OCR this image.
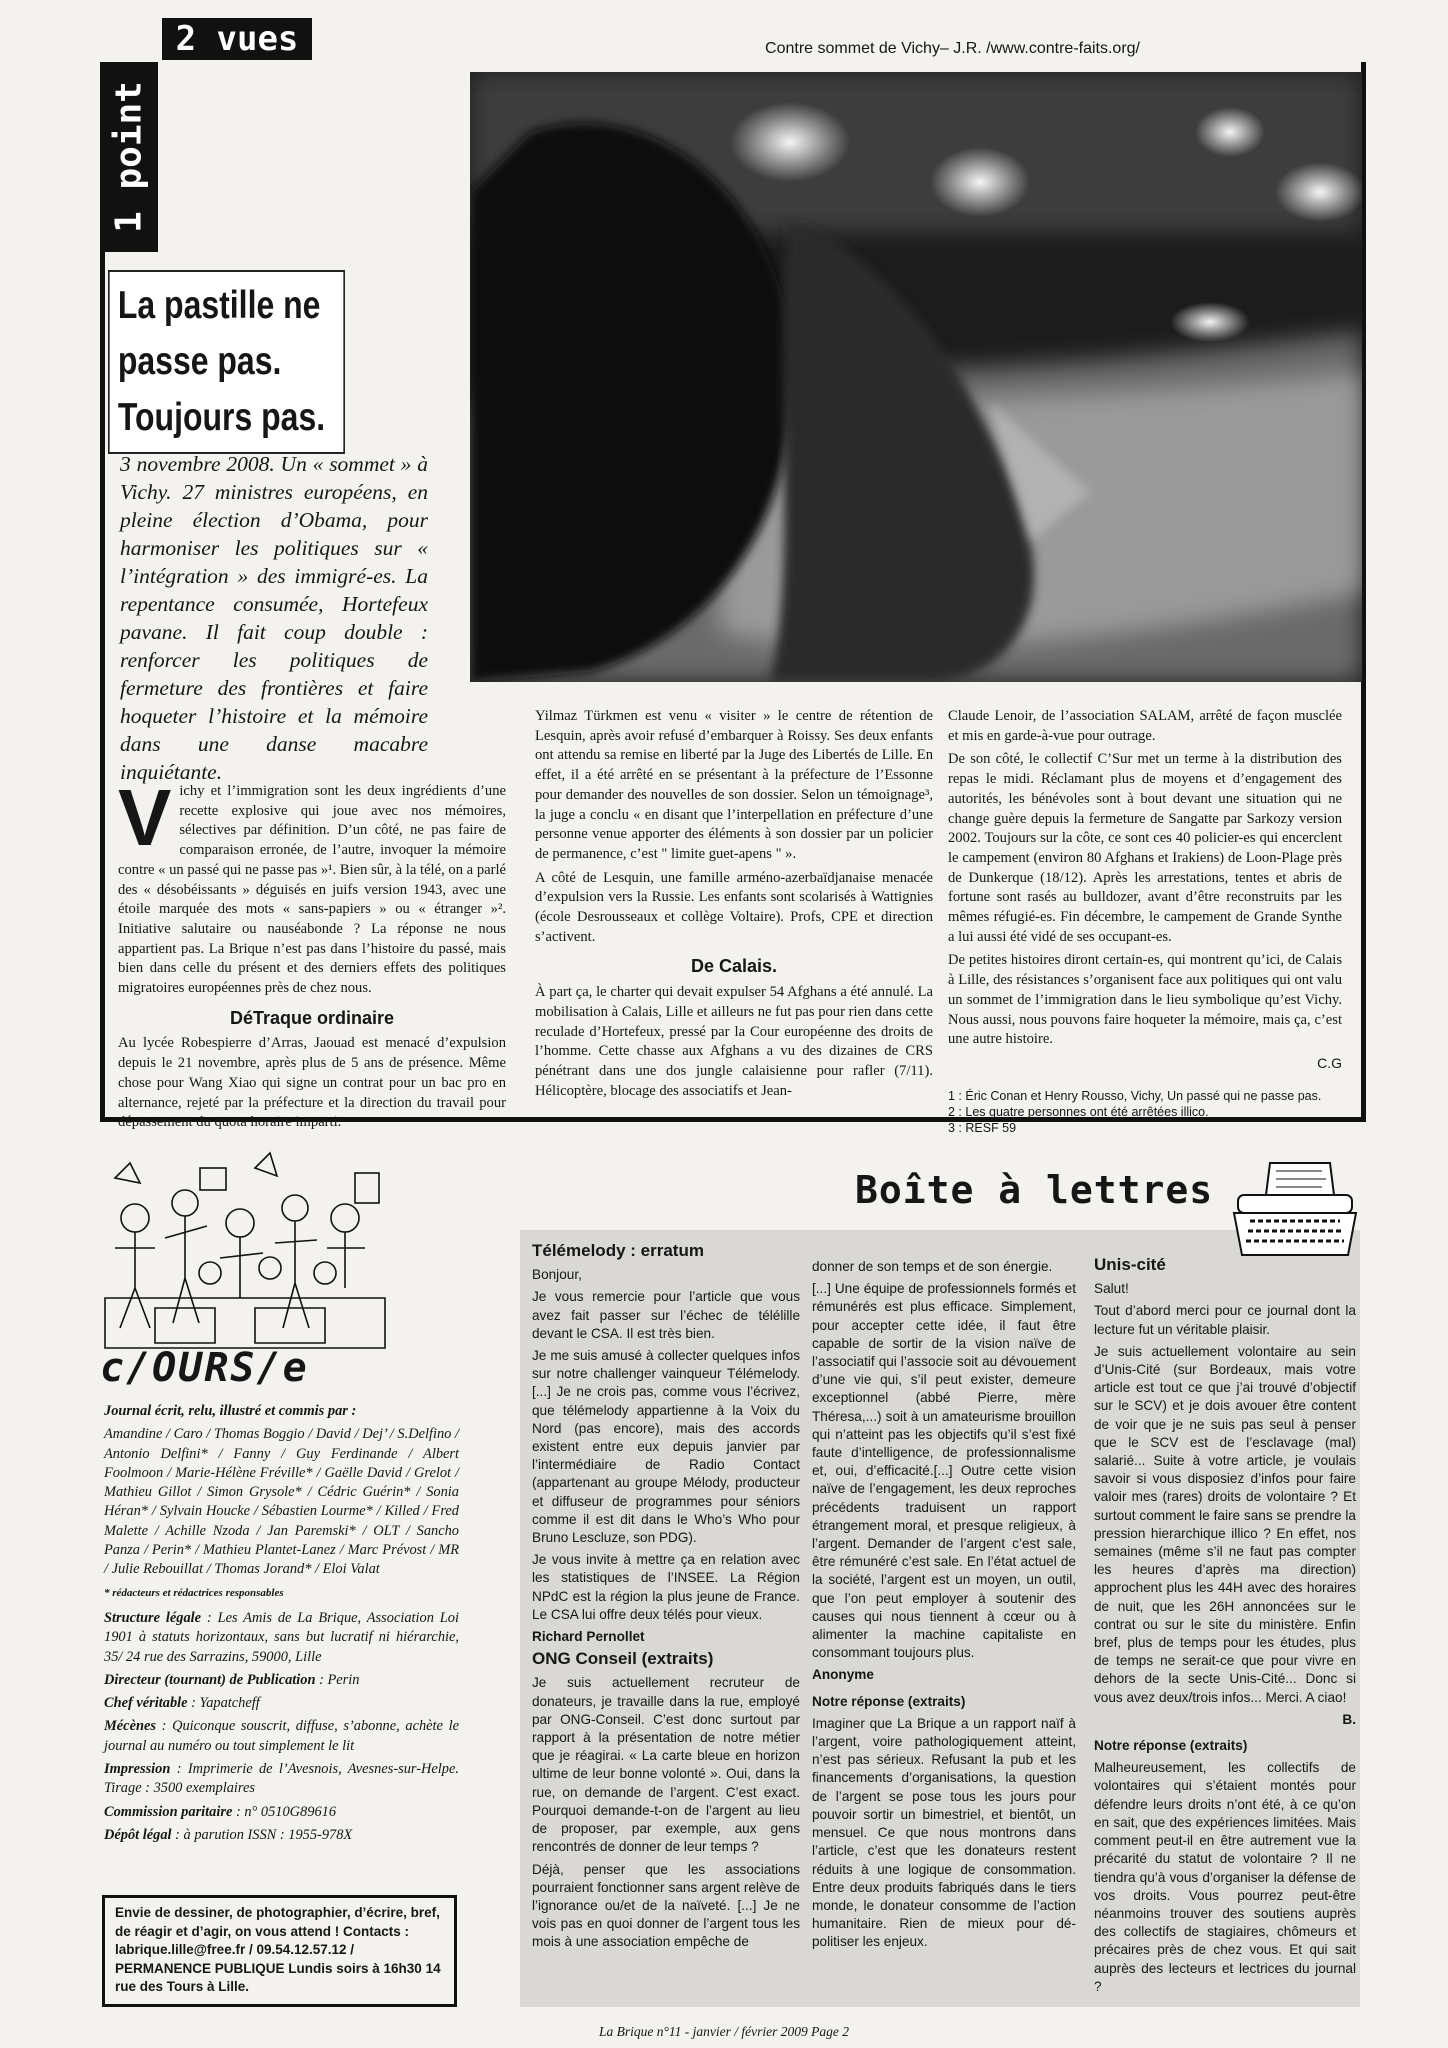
2 vues
1 point
Contre sommet de Vichy– J.R. /www.contre-faits.org/
La pastille ne
passe pas.
Toujours pas.
3 novembre 2008. Un « sommet » à Vichy. 27 ministres européens, en pleine élection d’Obama, pour harmoniser les politiques sur « l’intégration » des immigré-es. La repentance consumée, Hortefeux pavane. Il fait coup double : renforcer les politiques de fermeture des frontières et faire hoqueter l’histoire et la mémoire dans une danse macabre inquiétante.
V ichy et l’immigration sont les deux ingrédients d’une recette explosive qui joue avec nos mémoires, sélectives par définition. D’un côté, ne pas faire de comparaison erronée, de l’autre, invoquer la mémoire contre « un passé qui ne passe pas »¹. Bien sûr, à la télé, on a parlé des « désobéissants » déguisés en juifs version 1943, avec une étoile marquée des mots « sans-papiers » ou « étranger »². Initiative salutaire ou nauséabonde ? La réponse ne nous appartient pas. La Brique n’est pas dans l’histoire du passé, mais bien dans celle du présent et des derniers effets des politiques migratoires européennes près de chez nous.

DéTraque ordinaire

Au lycée Robespierre d’Arras, Jaouad est menacé d’expulsion depuis le 21 novembre, après plus de 5 ans de présence. Même chose pour Wang Xiao qui signe un contrat pour un bac pro en alternance, rejeté par la préfecture et la direction du travail pour dépassement du quota horaire imparti.

Yilmaz Türkmen est venu « visiter » le centre de rétention de Lesquin, après avoir refusé d’embarquer à Roissy. Ses deux enfants ont attendu sa remise en liberté par la Juge des Libertés de Lille. En effet, il a été arrêté en se présentant à la préfecture de l’Essonne pour demander des nouvelles de son dossier. Selon un témoignage³, la juge a conclu « en disant que l’interpellation en préfecture d’une personne venue apporter des éléments à son dossier par un policier de permanence, c’est " limite guet-apens " ».

A côté de Lesquin, une famille arméno-azerbaïdjanaise menacée d’expulsion vers la Russie. Les enfants sont scolarisés à Wattignies (école Desrousseaux et collège Voltaire). Profs, CPE et direction s’activent.

De Calais.

À part ça, le charter qui devait expulser 54 Afghans a été annulé. La mobilisation à Calais, Lille et ailleurs ne fut pas pour rien dans cette reculade d’Hortefeux, pressé par la Cour européenne des droits de l’homme. Cette chasse aux Afghans a vu des dizaines de CRS pénétrant dans une dos jungle calaisienne pour rafler (7/11). Hélicoptère, blocage des associatifs et Jean-

Claude Lenoir, de l’association SALAM, arrêté de façon musclée et mis en garde-à-vue pour outrage.

De son côté, le collectif C’Sur met un terme à la distribution des repas le midi. Réclamant plus de moyens et d’engagement des autorités, les bénévoles sont à bout devant une situation qui ne change guère depuis la fermeture de Sangatte par Sarkozy version 2002. Toujours sur la côte, ce sont ces 40 policier-es qui encerclent le campement (environ 80 Afghans et Irakiens) de Loon-Plage près de Dunkerque (18/12). Après les arrestations, tentes et abris de fortune sont rasés au bulldozer, avant d’être reconstruits par les mêmes réfugié-es. Fin décembre, le campement de Grande Synthe a lui aussi été vidé de ses occupant-es.

De petites histoires diront certain-es, qui montrent qu’ici, de Calais à Lille, des résistances s’organisent face aux politiques qui ont valu un sommet de l’immigration dans le lieu symbolique qu’est Vichy. Nous aussi, nous pouvons faire hoqueter la mémoire, mais ça, c’est une autre histoire.

C.G
1 : Éric Conan et Henry Rousso, Vichy, Un passé qui ne passe pas.
2 : Les quatre personnes ont été arrêtées illico.
3 : RESF 59
c/OURS/e
Journal écrit, relu, illustré et commis par :
Amandine / Caro / Thomas Boggio / David / Dej’ / S.Delfino / Antonio Delfini* / Fanny / Guy Ferdinande / Albert Foolmoon / Marie-Hélène Fréville* / Gaëlle David / Grelot / Mathieu Gillot / Simon Grysole* / Cédric Guérin* / Sonia Héran* / Sylvain Houcke / Sébastien Lourme* / Killed / Fred Malette / Achille Nzoda / Jan Paremski* / OLT / Sancho Panza / Perin* / Mathieu Plantet-Lanez / Marc Prévost / MR / Julie Rebouillat / Thomas Jorand* / Eloi Valat
* rédacteurs et rédactrices responsables

Structure légale : Les Amis de La Brique, Association Loi 1901 à statuts horizontaux, sans but lucratif ni hiérarchie, 35/ 24 rue des Sarrazins, 59000, Lille

Directeur (tournant) de Publication : Perin

Chef véritable : Yapatcheff

Mécènes : Quiconque souscrit, diffuse, s’abonne, achète le journal au numéro ou tout simplement le lit

Impression : Imprimerie de l’Avesnois, Avesnes-sur-Helpe. Tirage : 3500 exemplaires

Commission paritaire : n° 0510G89616

Dépôt légal : à parution ISSN : 1955-978X

Envie de dessiner, de photographier, d’écrire, bref, de réagir et d’agir, on vous attend ! Contacts : labrique.lille@free.fr / 09.54.12.57.12 / PERMANENCE PUBLIQUE Lundis soirs à 16h30 14 rue des Tours à Lille.
Boîte à lettres
Télémelody : erratum

Bonjour,

Je vous remercie pour l’article que vous avez fait passer sur l’échec de télélille devant le CSA. Il est très bien.

Je me suis amusé à collecter quelques infos sur notre challenger vainqueur Télémelody. [...] Je ne crois pas, comme vous l’écrivez, que télémelody appartienne à la Voix du Nord (pas encore), mais des accords existent entre eux depuis janvier par l’intermédiaire de Radio Contact (appartenant au groupe Mélody, producteur et diffuseur de programmes pour séniors comme il est dit dans le Who’s Who pour Bruno Lescluze, son PDG).

Je vous invite à mettre ça en relation avec les statistiques de l’INSEE. La Région NPdC est la région la plus jeune de France. Le CSA lui offre deux télés pour vieux.

Richard Pernollet

ONG Conseil (extraits)

Je suis actuellement recruteur de donateurs, je travaille dans la rue, employé par ONG-Conseil. C’est donc surtout par rapport à la présentation de notre métier que je réagirai. « La carte bleue en horizon ultime de leur bonne volonté ». Oui, dans la rue, on demande de l’argent. C’est exact. Pourquoi demande-t-on de l’argent au lieu de proposer, par exemple, aux gens rencontrés de donner de leur temps ?

Déjà, penser que les associations pourraient fonctionner sans argent relève de l’ignorance ou/et de la naïveté. [...] Je ne vois pas en quoi donner de l’argent tous les mois à une association empêche de

donner de son temps et de son énergie.

[...] Une équipe de professionnels formés et rémunérés est plus efficace. Simplement, pour accepter cette idée, il faut être capable de sortir de la vision naïve de l’associatif qui l’associe soit au dévouement d’une vie qui, s’il peut exister, demeure exceptionnel (abbé Pierre, mère Théresa,...) soit à un amateurisme brouillon qui n’atteint pas les objectifs qu’il s’est fixé faute d’intelligence, de professionnalisme et, oui, d’efficacité.[...] Outre cette vision naïve de l’engagement, les deux reproches précédents traduisent un rapport étrangement moral, et presque religieux, à l’argent. Demander de l’argent c’est sale, être rémunéré c’est sale. En l’état actuel de la société, l’argent est un moyen, un outil, que l’on peut employer à soutenir des causes qui nous tiennent à cœur ou à alimenter la machine capitaliste en consommant toujours plus.

Anonyme

Notre réponse (extraits)

Imaginer que La Brique a un rapport naïf à l’argent, voire pathologiquement atteint, n’est pas sérieux. Refusant la pub et les financements d’organisations, la question de l’argent se pose tous les jours pour pouvoir sortir un bimestriel, et bientôt, un mensuel. Ce que nous montrons dans l’article, c’est que les donateurs restent réduits à une logique de consommation. Entre deux produits fabriqués dans le tiers monde, le donateur consomme de l’action humanitaire. Rien de mieux pour dé-politiser les enjeux.

Unis-cité

Salut!

Tout d’abord merci pour ce journal dont la lecture fut un véritable plaisir.

Je suis actuellement volontaire au sein d’Unis-Cité (sur Bordeaux, mais votre article est tout ce que j’ai trouvé d’objectif sur le SCV) et je dois avouer être content de voir que je ne suis pas seul à penser que le SCV est de l’esclavage (mal) salarié... Suite à votre article, je voulais savoir si vous disposiez d’infos pour faire valoir mes (rares) droits de volontaire ? Et surtout comment le faire sans se prendre la pression hierarchique illico ? En effet, nos semaines (même s’il ne faut pas compter les heures d’après ma direction) approchent plus les 44H avec des horaires de nuit, que les 26H annoncées sur le contrat ou sur le site du ministère. Enfin bref, plus de temps pour les études, plus de temps ne serait-ce que pour vivre en dehors de la secte Unis-Cité... Donc si vous avez deux/trois infos... Merci. A ciao!

B.

Notre réponse (extraits)

Malheureusement, les collectifs de volontaires qui s’étaient montés pour défendre leurs droits n’ont été, à ce qu’on en sait, que des expériences limitées. Mais comment peut-il en être autrement vue la précarité du statut de volontaire ? Il ne tiendra qu’à vous d’organiser la défense de vos droits. Vous pourrez peut-être néanmoins trouver des soutiens auprès des collectifs de stagiaires, chômeurs et précaires près de chez vous. Et qui sait auprès des lecteurs et lectrices du journal ?

La Brique n°11 - janvier / février 2009 Page 2
